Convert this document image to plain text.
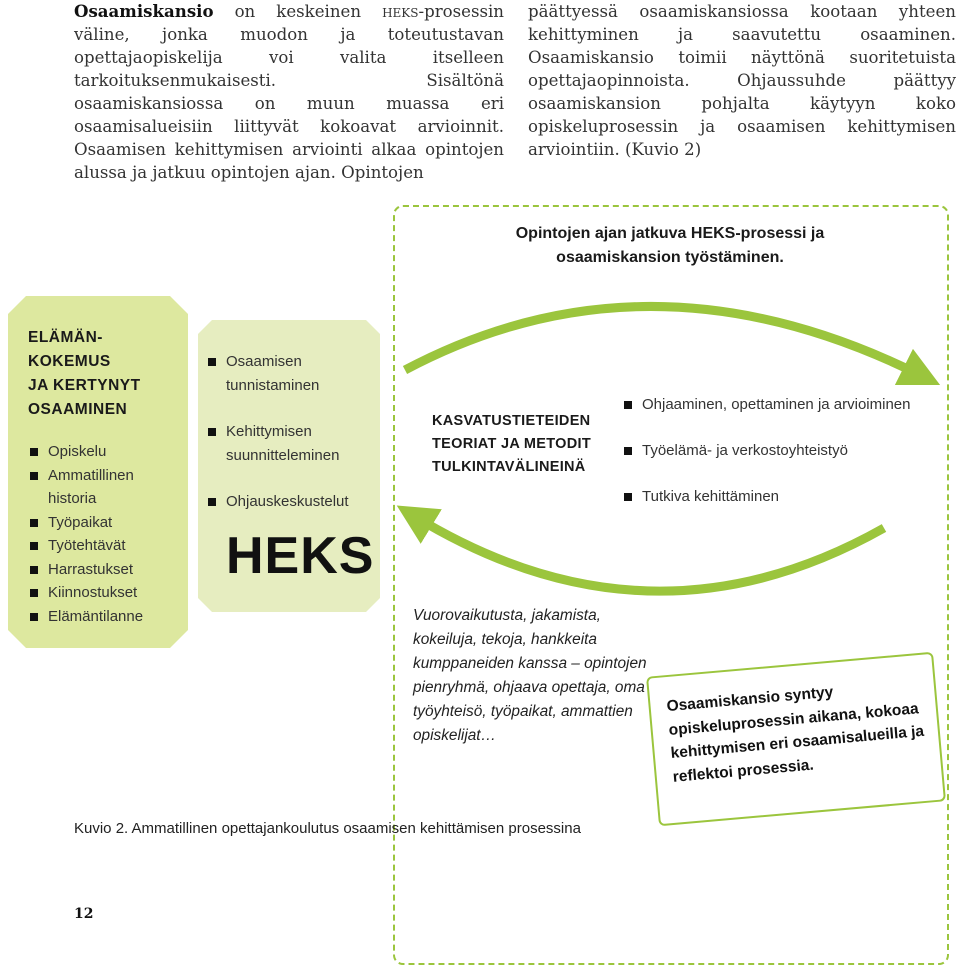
Osaamiskansio on keskeinen heks-prosessin väline, jonka muodon ja toteutustavan opettajaopiskelija voi valita itselleen tarkoituksenmukaisesti. Sisältönä osaamiskansiossa on muun muassa eri osaamisalueisiin liittyvät kokoavat arvioinnit. Osaamisen kehittymisen arviointi alkaa opintojen alussa ja jatkuu opintojen ajan. Opintojen
päättyessä osaamiskansiossa kootaan yhteen kehittyminen ja saavutettu osaaminen. Osaamiskansio toimii näyttönä suoritetuista opettajaopinnoista. Ohjaussuhde päättyy osaamiskansion pohjalta käytyyn koko opiskeluprosessin ja osaamisen kehittymisen arviointiin. (Kuvio 2)
Opintojen ajan jatkuva HEKS-prosessi ja osaamiskansion työstäminen.
ELÄMÄN-
KOKEMUS
JA KERTYNYT
OSAAMINEN
Opiskelu
Ammatillinen
historia
Työpaikat
Työtehtävät
Harrastukset
Kiinnostukset
Elämäntilanne
Osaamisen tunnistaminen
Kehittymisen suunnitteleminen
Ohjauskeskustelut
HEKS
KASVATUSTIETEIDEN
TEORIAT JA METODIT
TULKINTAVÄLINEINÄ
Ohjaaminen, opettaminen ja arvioiminen
Työelämä- ja verkostoyhteistyö
Tutkiva kehittäminen
Vuorovaikutusta, jakamista, kokeiluja, tekoja, hankkeita kumppaneiden kanssa – opintojen pienryhmä, ohjaava opettaja, oma työyhteisö, työpaikat, ammattien opiskelijat…
Osaamiskansio syntyy opiskeluprosessin aikana, kokoaa kehittymisen eri osaamisalueilla ja reflektoi prosessia.
Kuvio 2. Ammatillinen opettajankoulutus osaamisen kehittämisen prosessina
12
